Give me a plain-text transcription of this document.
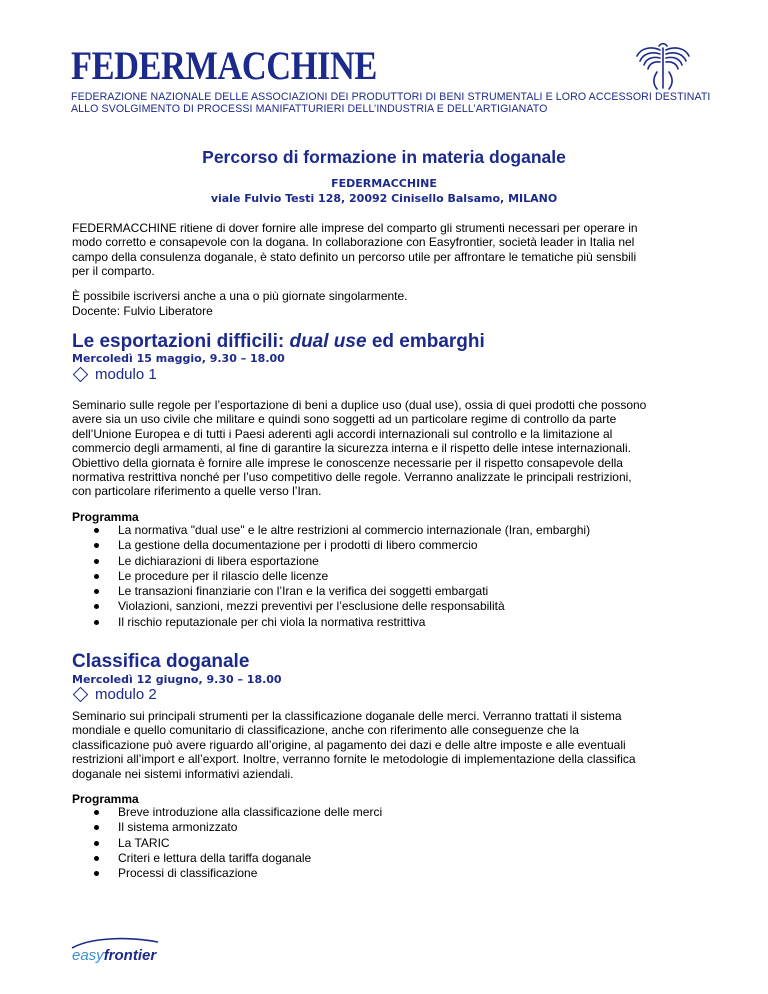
FEDERMACCHINE
FEDERAZIONE NAZIONALE DELLE ASSOCIAZIONI DEI PRODUTTORI DI BENI STRUMENTALI E LORO ACCESSORI DESTINATI
ALLO SVOLGIMENTO DI PROCESSI MANIFATTURIERI DELL’INDUSTRIA E DELL’ARTIGIANATO
Percorso di formazione in materia doganale
FEDERMACCHINE
viale Fulvio Testi 128, 20092 Cinisello Balsamo, MILANO
FEDERMACCHINE ritiene di dover fornire alle imprese del comparto gli strumenti necessari per operare in
modo corretto e consapevole con la dogana. In collaborazione con Easyfrontier, società leader in Italia nel
campo della consulenza doganale, è stato definito un percorso utile per affrontare le tematiche più sensbili
per il comparto.
È possibile iscriversi anche a una o più giornate singolarmente.
Docente: Fulvio Liberatore
Le esportazioni difficili: dual use ed embarghi
Mercoledì 15 maggio, 9.30 – 18.00
modulo 1
Seminario sulle regole per l’esportazione di beni a duplice uso (dual use), ossia di quei prodotti che possono
avere sia un uso civile che militare e quindi sono soggetti ad un particolare regime di controllo da parte
dell’Unione Europea e di tutti i Paesi aderenti agli accordi internazionali sul controllo e la limitazione al
commercio degli armamenti, al fine di garantire la sicurezza interna e il rispetto delle intese internazionali.
Obiettivo della giornata è fornire alle imprese le conoscenze necessarie per il rispetto consapevole della
normativa restrittiva nonché per l’uso competitivo delle regole. Verranno analizzate le principali restrizioni,
con particolare riferimento a quelle verso l’Iran.
Programma
La normativa "dual use" e le altre restrizioni al commercio internazionale (Iran, embarghi)
La gestione della documentazione per i prodotti di libero commercio
Le dichiarazioni di libera esportazione
Le procedure per il rilascio delle licenze
Le transazioni finanziarie con l’Iran e la verifica dei soggetti embargati
Violazioni, sanzioni, mezzi preventivi per l’esclusione delle responsabilità
Il rischio reputazionale per chi viola la normativa restrittiva
Classifica doganale
Mercoledì 12 giugno, 9.30 – 18.00
modulo 2
Seminario sui principali strumenti per la classificazione doganale delle merci. Verranno trattati il sistema
mondiale e quello comunitario di classificazione, anche con riferimento alle conseguenze che la
classificazione può avere riguardo all’origine, al pagamento dei dazi e delle altre imposte e alle eventuali
restrizioni all’import e all’export. Inoltre, verranno fornite le metodologie di implementazione della classifica
doganale nei sistemi informativi aziendali.
Programma
Breve introduzione alla classificazione delle merci
Il sistema armonizzato
La TARIC
Criteri e lettura della tariffa doganale
Processi di classificazione
easyfrontier
